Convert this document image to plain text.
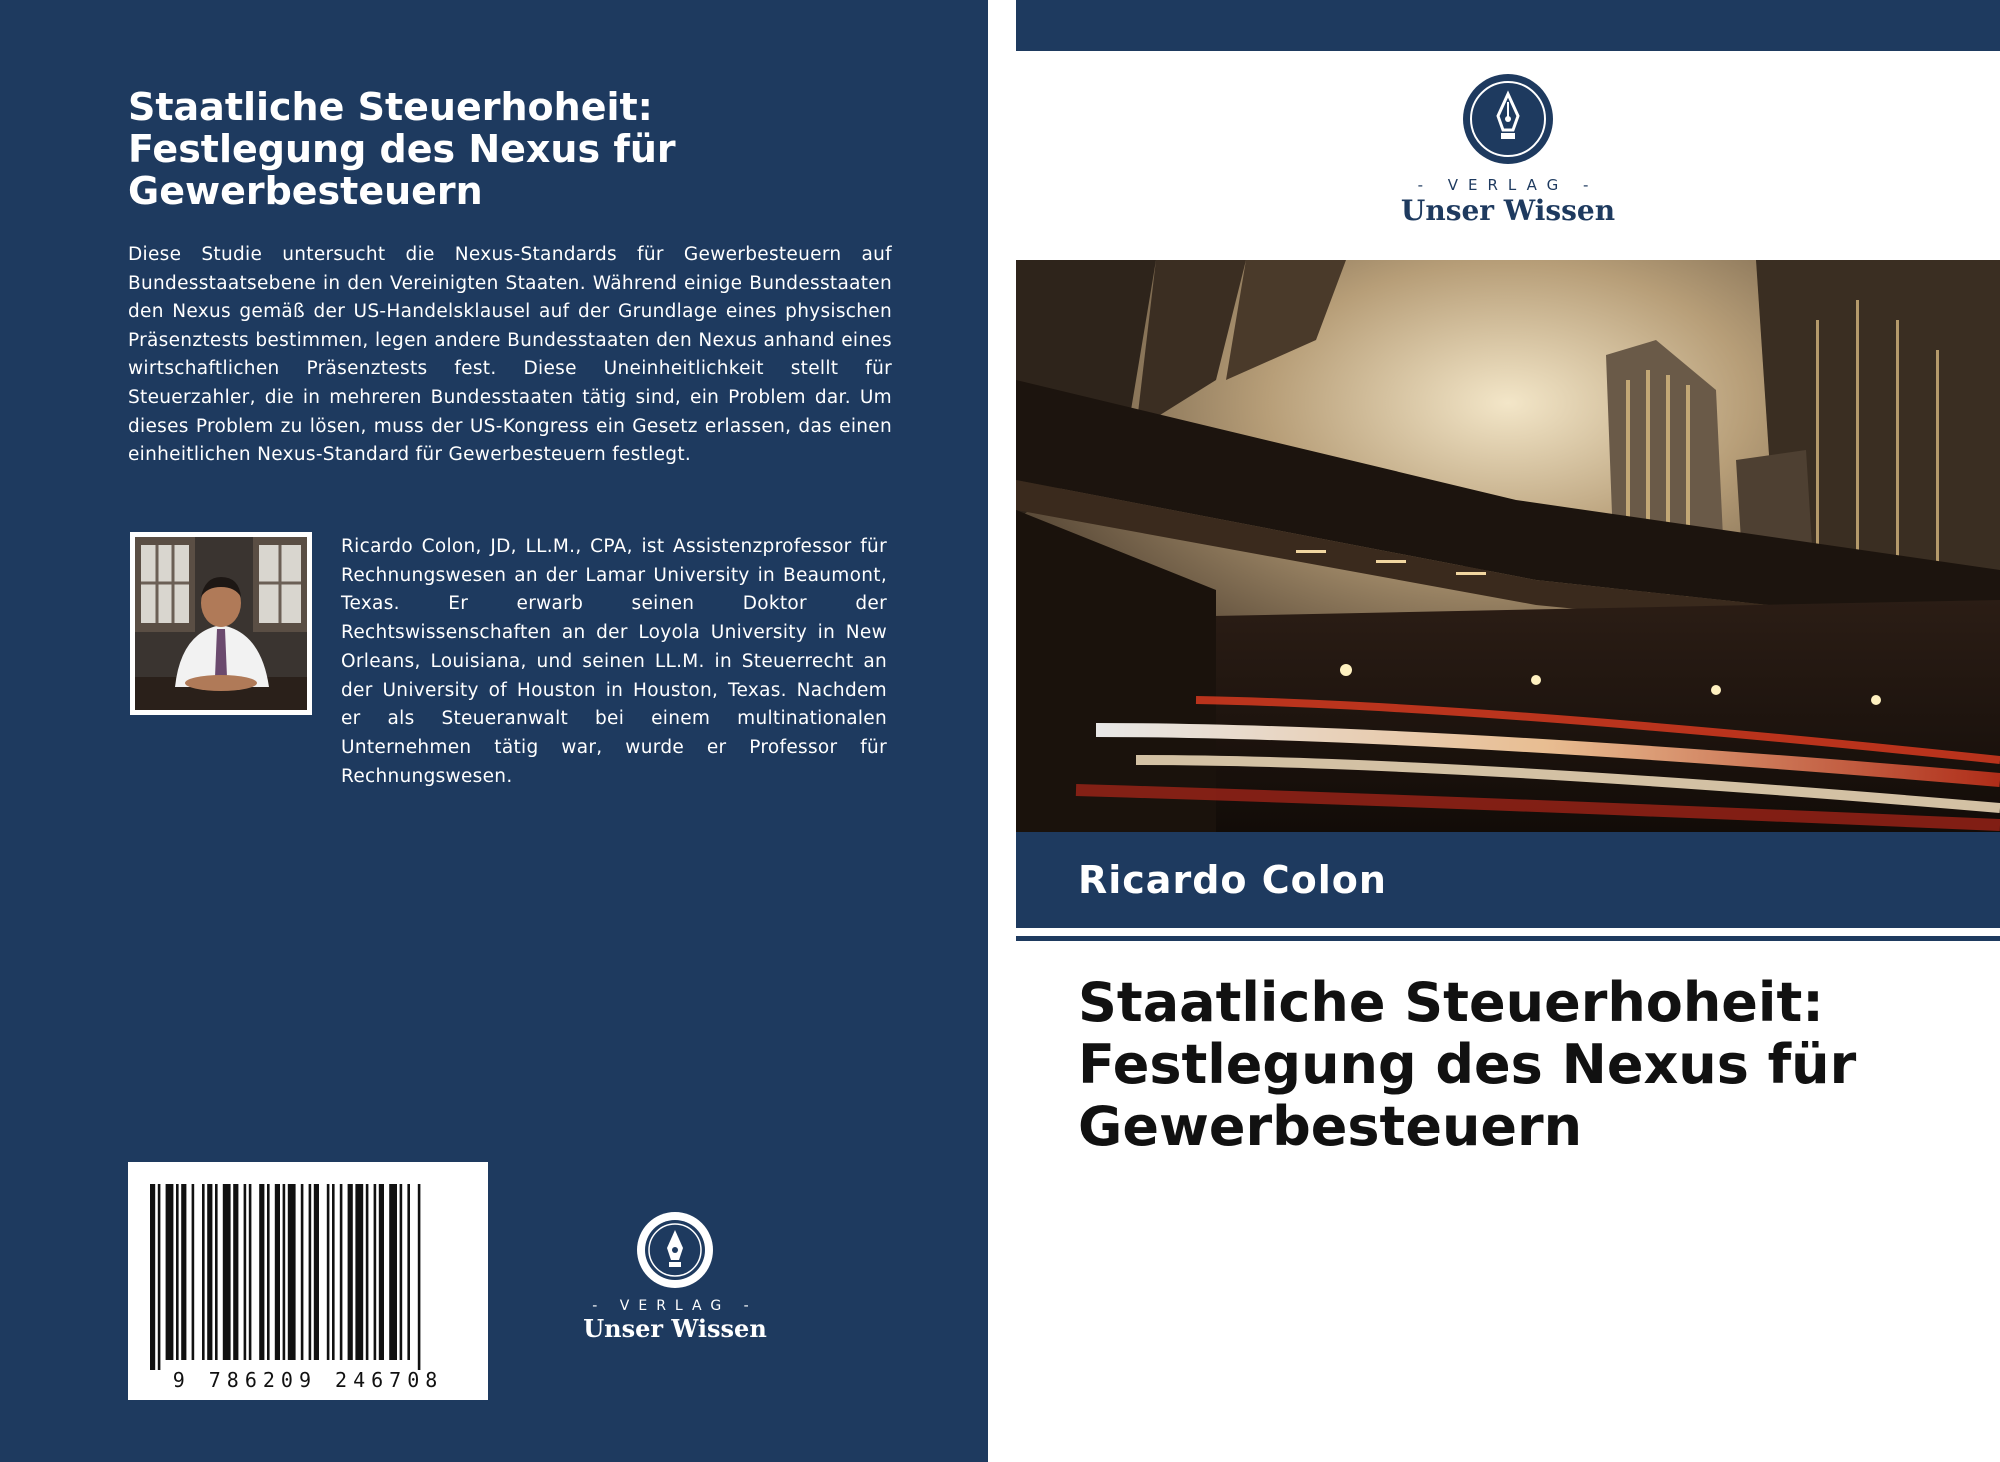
Staatliche Steuerhoheit: Festlegung des Nexus für Gewerbesteuern
Diese Studie untersucht die Nexus-Standards für Gewerbesteuern auf Bundesstaatsebene in den Vereinigten Staaten. Während einige Bundesstaaten den Nexus gemäß der US-Handelsklausel auf der Grundlage eines physischen Präsenztests bestimmen, legen andere Bundesstaaten den Nexus anhand eines wirtschaftlichen Präsenztests fest. Diese Uneinheitlichkeit stellt für Steuerzahler, die in mehreren Bundesstaaten tätig sind, ein Problem dar. Um dieses Problem zu lösen, muss der US-Kongress ein Gesetz erlassen, das einen einheitlichen Nexus-Standard für Gewerbesteuern festlegt.
Ricardo Colon, JD, LL.M., CPA, ist Assistenzprofessor für Rechnungswesen an der Lamar University in Beaumont, Texas. Er erwarb seinen Doktor der Rechtswissenschaften an der Loyola University in New Orleans, Louisiana, und seinen LL.M. in Steuerrecht an der University of Houston in Houston, Texas. Nachdem er als Steueranwalt bei einem multinationalen Unternehmen tätig war, wurde er Professor für Rechnungswesen.
9 786209 246708
- VERLAG -
Unser Wissen
- VERLAG -
Unser Wissen
Ricardo Colon
Staatliche Steuerhoheit: Festlegung des Nexus für Gewerbesteuern
